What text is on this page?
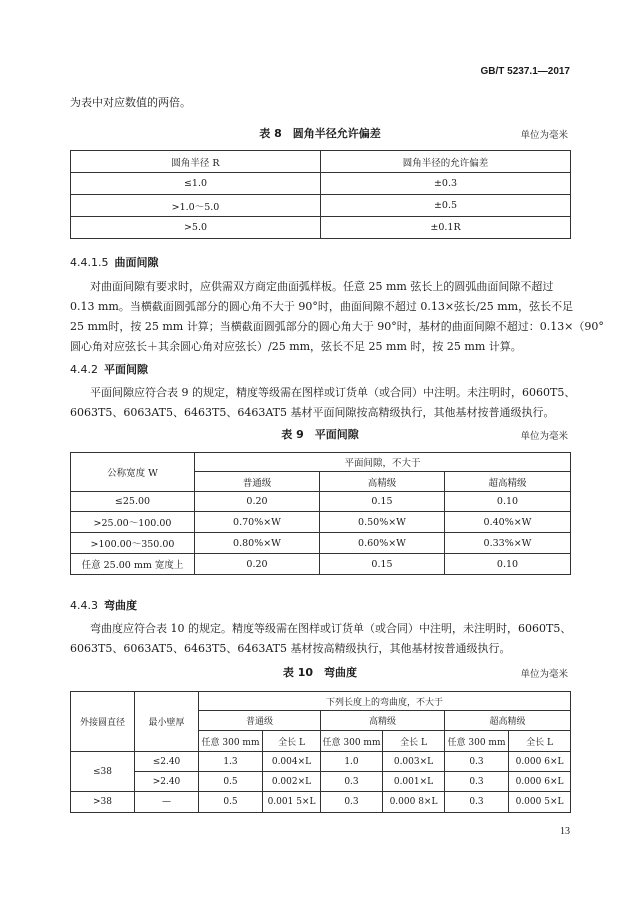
GB/T 5237.1—2017
为表中对应数值的两倍。
表 8　圆角半径允许偏差	单位为毫米
圆角半径 R	圆角半径的允许偏差
≤1.0	±0.3
>1.0～5.0	±0.5
>5.0	±0.1R
4.4.1.5 曲面间隙
对曲面间隙有要求时，应供需双方商定曲面弧样板。任意 25 mm 弦长上的圆弧曲面间隙不超过
0.13 mm。当横截面圆弧部分的圆心角不大于 90°时，曲面间隙不超过 0.13×弦长/25 mm，弦长不足
25 mm时，按 25 mm 计算；当横截面圆弧部分的圆心角大于 90°时，基材的曲面间隙不超过：0.13×（90°
圆心角对应弦长＋其余圆心角对应弦长）/25 mm，弦长不足 25 mm 时，按 25 mm 计算。
4.4.2 平面间隙
平面间隙应符合表 9 的规定，精度等级需在图样或订货单（或合同）中注明。未注明时，6060T5、
6063T5、6063AT5、6463T5、6463AT5 基材平面间隙按高精级执行，其他基材按普通级执行。
表 9　平面间隙	单位为毫米
公称宽度 W	平面间隙，不大于		
	普通级	高精级	超高精级
≤25.00	0.20	0.15	0.10
>25.00～100.00	0.70%×W	0.50%×W	0.40%×W
>100.00～350.00	0.80%×W	0.60%×W	0.33%×W
任意 25.00 mm 宽度上	0.20	0.15	0.10
4.4.3 弯曲度
弯曲度应符合表 10 的规定。精度等级需在图样或订货单（或合同）中注明，未注明时，6060T5、
6063T5、6063AT5、6463T5、6463AT5 基材按高精级执行，其他基材按普通级执行。
表 10　弯曲度	单位为毫米
外接圆直径	最小壁厚	下列长度上的弯曲度，不大于					
		普通级		高精级		超高精级	
		任意 300 mm	全长 L	任意 300 mm	全长 L	任意 300 mm	全长 L
≤38	≤2.40	1.3	0.004×L	1.0	0.003×L	0.3	0.000 6×L
	>2.40	0.5	0.002×L	0.3	0.001×L	0.3	0.000 6×L
>38	—	0.5	0.001 5×L	0.3	0.000 8×L	0.3	0.000 5×L
13
